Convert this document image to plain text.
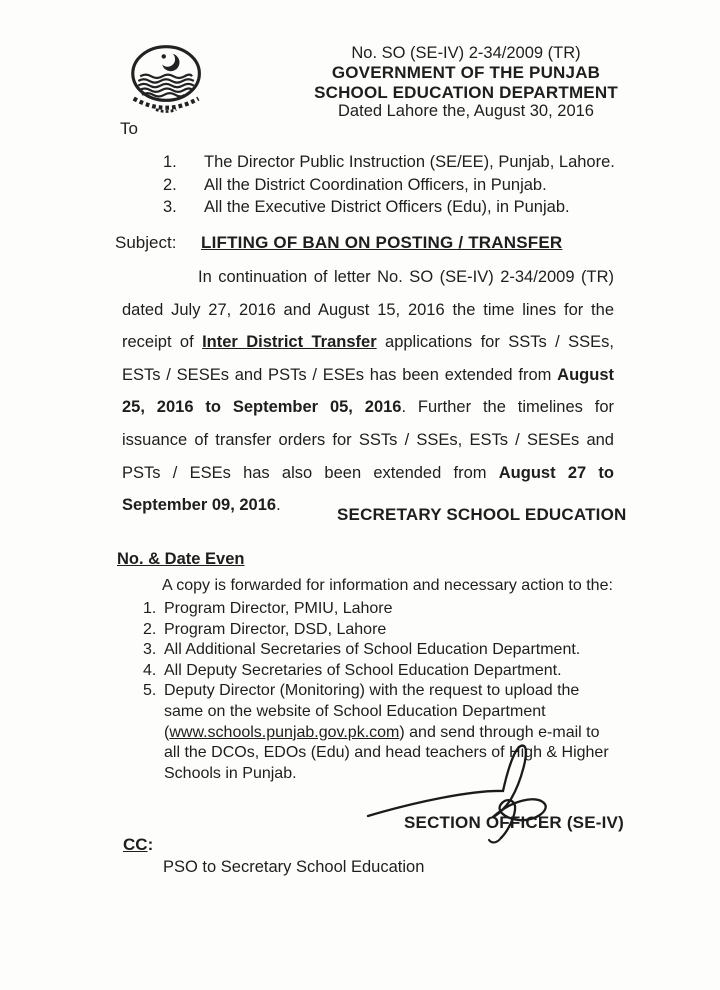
No. SO (SE-IV) 2-34/2009 (TR)
GOVERNMENT OF THE PUNJAB
SCHOOL EDUCATION DEPARTMENT
Dated Lahore the, August 30, 2016
To
1.	The Director Public Instruction (SE/EE), Punjab, Lahore.
2.	All the District Coordination Officers, in Punjab.
3.	All the Executive District Officers (Edu), in Punjab.
Subject: LIFTING OF BAN ON POSTING / TRANSFER

In continuation of letter No. SO (SE-IV) 2-34/2009 (TR) dated July 27, 2016 and August 15, 2016 the time lines for the receipt of Inter District Transfer applications for SSTs / SSEs, ESTs / SESEs and PSTs / ESEs has been extended from August 25, 2016 to September 05, 2016. Further the timelines for issuance of transfer orders for SSTs / SSEs, ESTs / SESEs and PSTs / ESEs has also been extended from August 27 to September 09, 2016.	SECRETARY SCHOOL EDUCATION
No. & Date Even
A copy is forwarded for information and necessary action to the:
1. Program Director, PMIU, Lahore
2. Program Director, DSD, Lahore
3. All Additional Secretaries of School Education Department.
4. All Deputy Secretaries of School Education Department.
5. Deputy Director (Monitoring) with the request to upload the same on the website of School Education Department (www.schools.punjab.gov.pk.com) and send through e-mail to all the DCOs, EDOs (Edu) and head teachers of High & Higher Schools in Punjab.
SECTION OFFICER (SE-IV)
CC:
PSO to Secretary School Education
